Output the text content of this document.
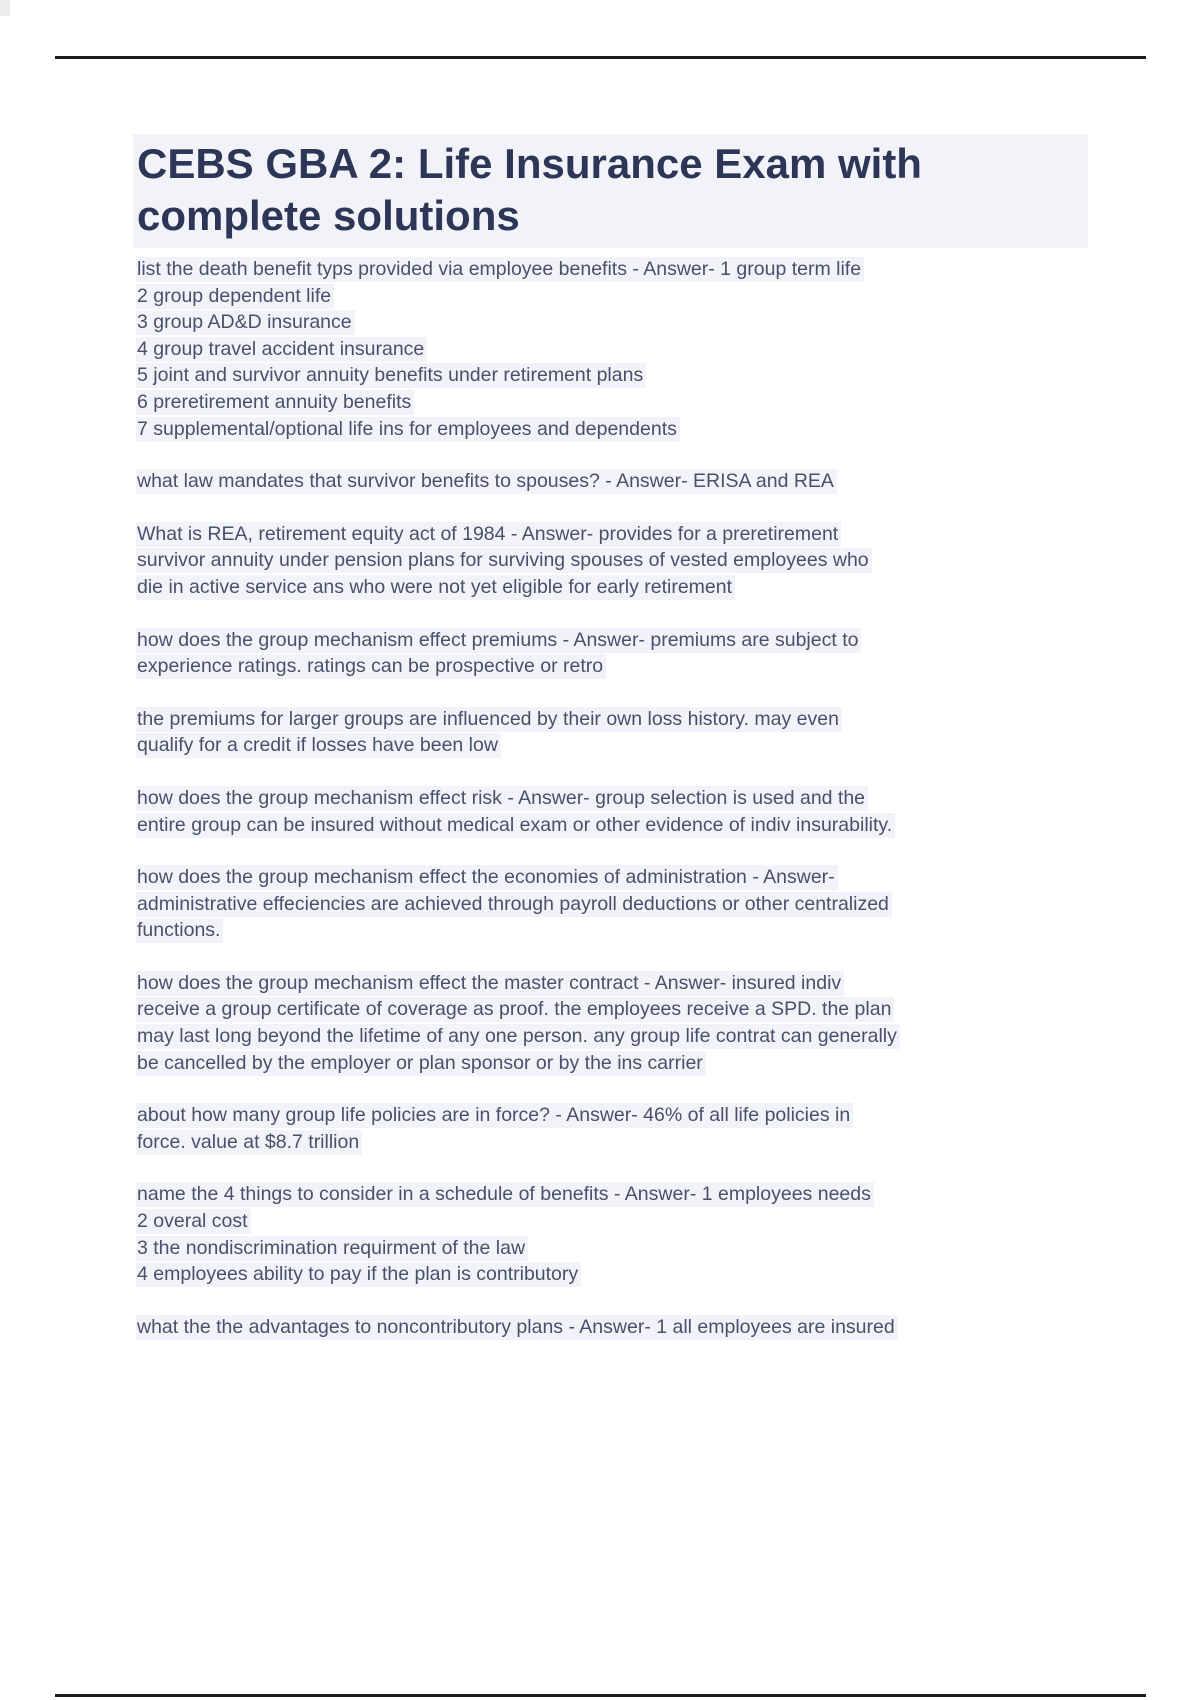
CEBS GBA 2: Life Insurance Exam with
complete solutions
list the death benefit typs provided via employee benefits - Answer- 1 group term life
2 group dependent life
3 group AD&D insurance
4 group travel accident insurance
5 joint and survivor annuity benefits under retirement plans
6 preretirement annuity benefits
7 supplemental/optional life ins for employees and dependents
what law mandates that survivor benefits to spouses? - Answer- ERISA and REA
What is REA, retirement equity act of 1984 - Answer- provides for a preretirement
survivor annuity under pension plans for surviving spouses of vested employees who
die in active service ans who were not yet eligible for early retirement
how does the group mechanism effect premiums - Answer- premiums are subject to
experience ratings. ratings can be prospective or retro
the premiums for larger groups are influenced by their own loss history. may even
qualify for a credit if losses have been low
how does the group mechanism effect risk - Answer- group selection is used and the
entire group can be insured without medical exam or other evidence of indiv insurability.
how does the group mechanism effect the economies of administration - Answer-
administrative effeciencies are achieved through payroll deductions or other centralized
functions.
how does the group mechanism effect the master contract - Answer- insured indiv
receive a group certificate of coverage as proof. the employees receive a SPD. the plan
may last long beyond the lifetime of any one person. any group life contrat can generally
be cancelled by the employer or plan sponsor or by the ins carrier
about how many group life policies are in force? - Answer- 46% of all life policies in
force. value at $8.7 trillion
name the 4 things to consider in a schedule of benefits - Answer- 1 employees needs
2 overal cost
3 the nondiscrimination requirment of the law
4 employees ability to pay if the plan is contributory
what the the advantages to noncontributory plans - Answer- 1 all employees are insured
